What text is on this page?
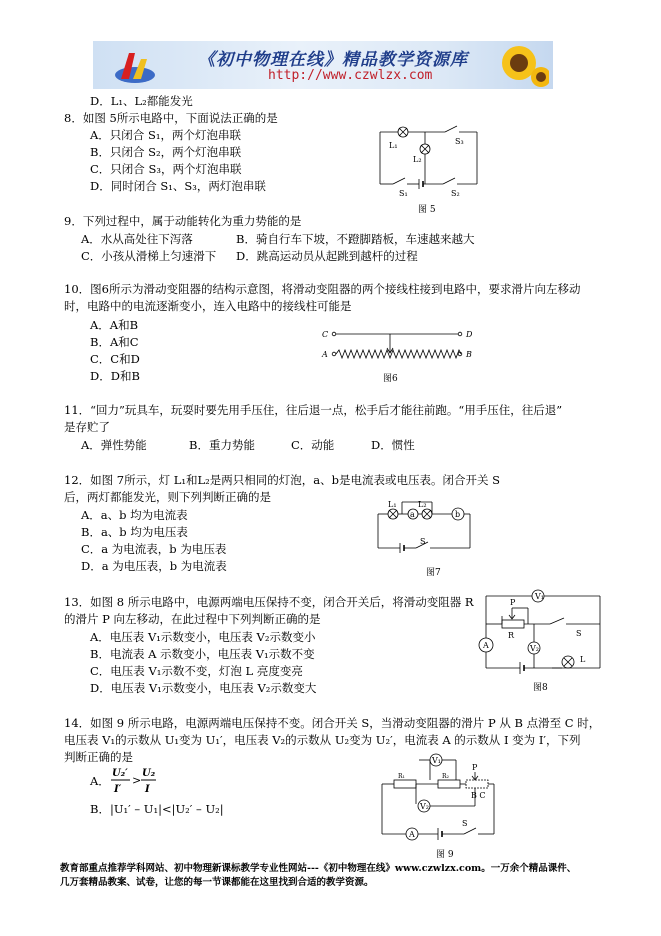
《初中物理在线》精品教学资源库
http://www.czwlzx.com
D．L₁、L₂都能发光
8．如图 5所示电路中，下面说法正确的是
A．只闭合 S₁，两个灯泡串联
B．只闭合 S₂，两个灯泡串联
C．只闭合 S₃，两个灯泡串联
D．同时闭合 S₁、S₃，两灯泡串联
9．下列过程中，属于动能转化为重力势能的是
A．水从高处往下泻落	B．骑自行车下坡，不蹬脚踏板，车速越来越大
C．小孩从滑梯上匀速滑下 D．跳高运动员从起跳到越杆的过程
10．图6所示为滑动变阻器的结构示意图，将滑动变阻器的两个接线柱接到电路中，要求滑片向左移动
时，电路中的电流逐渐变小，连入电路中的接线柱可能是
A．A和B
B．A和C
C．C和D
D．D和B
11．“回力”玩具车，玩耍时要先用手压住，往后退一点，松手后才能往前跑。“用手压住，往后退”
是存贮了
A．弹性势能	B．重力势能	C．动能	D．惯性
12．如图 7所示，灯 L₁和L₂是两只相同的灯泡，a、b是电流表或电压表。闭合开关 S
后，两灯都能发光，则下列判断正确的是
A．a、b 均为电流表
B．a、b 均为电压表
C．a 为电流表，b 为电压表
D．a 为电压表，b 为电流表
13．如图 8 所示电路中，电源两端电压保持不变，闭合开关后，将滑动变阻器 R
的滑片 P 向左移动，在此过程中下列判断正确的是
A．电压表 V₁示数变小，电压表 V₂示数变小
B．电流表 A 示数变小，电压表 V₁示数不变
C．电压表 V₁示数不变，灯泡 L 亮度变亮
D．电压表 V₁示数变小，电压表 V₂示数变大
14．如图 9 所示电路，电源两端电压保持不变。闭合开关 S，当滑动变阻器的滑片 P 从 B 点滑至 C 时，
电压表 V₁的示数从 U₁变为 U₁′，电压表 V₂的示数从 U₂变为 U₂′，电流表 A 的示数从 I 变为 I′，下列
判断正确的是
A．
U₂′
I′
>
U₂
I
B．|U₁′ – U₁|<|U₂′ – U₂|
L₁
L₂
S₃
S₁	S₂
图 5
C	D
A	B
图6
L₁	L₂
a	b
S
图7
V₁
P
R
A	V₂
S
L
图8
V₁
R₁	R₂
P
B C
V₂
A
S
图 9
教育部重点推荐学科网站、初中物理新课标教学专业性网站---《初中物理在线》www.czwlzx.com。一万余个精品课件、
几万套精品教案、试卷，让您的每一节课都能在这里找到合适的教学资源。
